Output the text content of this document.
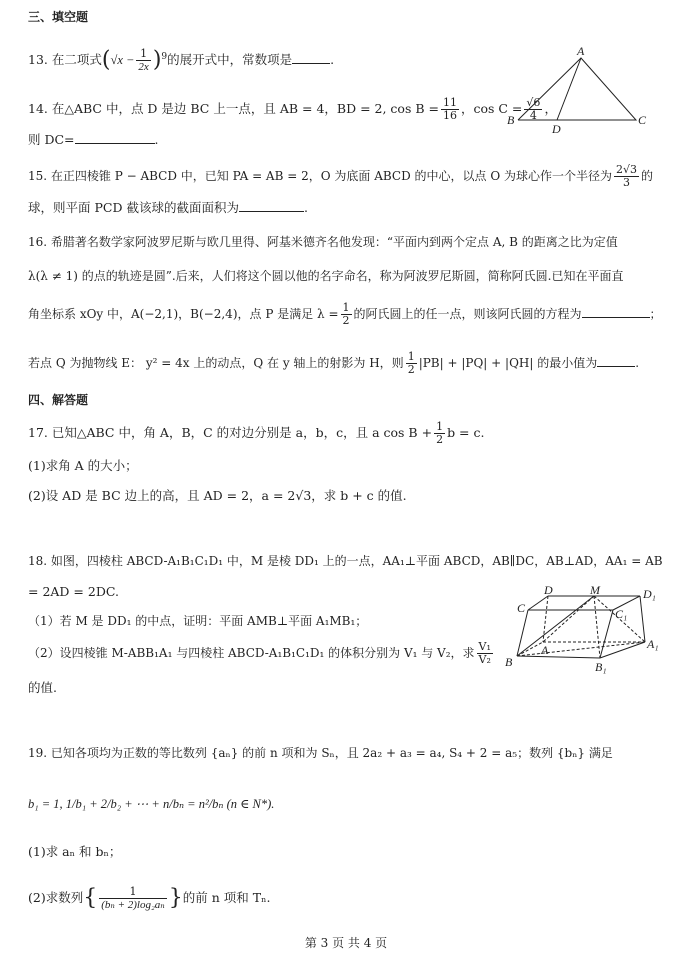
三、填空题
13. 在二项式$(√x - \frac{1}{2x} )^9$的展开式中，常数项是	.
A
B
D
C
14. 在△ABC 中，点 D 是边 BC 上一点，且 AB = 4，BD = 2, $\cos B = \frac{11}{16}$ ，$\cos C = \frac{√6}{4}$ ，
则 DC=	.
15. 在正四棱锥 P − ABCD 中，已知 PA = AB = 2，O 为底面 ABCD 的中心，以点 O 为球心作一个半径为 $\frac{2√3}{3}$ 的
球，则平面 PCD 截该球的截面面积为	.
16. 希腊著名数学家阿波罗尼斯与欧几里得、阿基米德齐名他发现：“平面内到两个定点 A, B 的距离之比为定值
λ(λ ≠ 1) 的点的轨迹是圆”.后来，人们将这个圆以他的名字命名，称为阿波罗尼斯圆，简称阿氏圆.已知在平面直
角坐标系 xOy 中，A(−2,1)，B(−2,4)，点 P 是满足 $\lambda = \frac{1}{2}$ 的阿氏圆上的任一点，则该阿氏圆的方程为	；
若点 Q 为抛物线 E： y² = 4x 上的动点，Q 在 y 轴上的射影为 H，则 $\frac{1}{2} |PB| + |PQ| + |QH|$ 的最小值为	.
四、解答题
17. 已知△ABC 中，角 A，B，C 的对边分别是 a，b，c，且 a $\cos B + \frac{1}{2}$ b = c.
(1)求角 A 的大小；
(2)设 AD 是 BC 边上的高，且 AD = 2，a = 2√3，求 b + c 的值.
18. 如图，四棱柱 ABCD-A₁B₁C₁D₁ 中，M 是棱 DD₁ 上的一点，AA₁⊥平面 ABCD，AB∥DC，AB⊥AD，AA₁ = AB
= 2AD = 2DC.
（1）若 M 是 DD₁ 的中点，证明：平面 AMB⊥平面 A₁MB₁；
（2）设四棱锥 M-ABB₁A₁ 与四棱柱 ABCD-A₁B₁C₁D₁ 的体积分别为 V₁ 与 V₂，求 $\frac{\text{V₁}}{\text{V₂}}$
的值.
D	M	D₁
C	C₁
A	A₁
B	B₁
19. 已知各项均为正数的等比数列 {aₙ} 的前 n 项和为 Sₙ，且 2a₂ + a₃ = a₄, S₄ + 2 = a₅；数列 {bₙ} 满足
b₁ = 1, 1/b₁ + 2/b₂ + ⋯ + n/bₙ = n²/bₙ (n ∈ N*).
(1)求 aₙ 和 bₙ；
(2)求数列{ $\frac{1}{\text{(bₙ + 2)log₂aₙ}}$ }的前 n 项和 Tₙ.
第 3 页 共 4 页
